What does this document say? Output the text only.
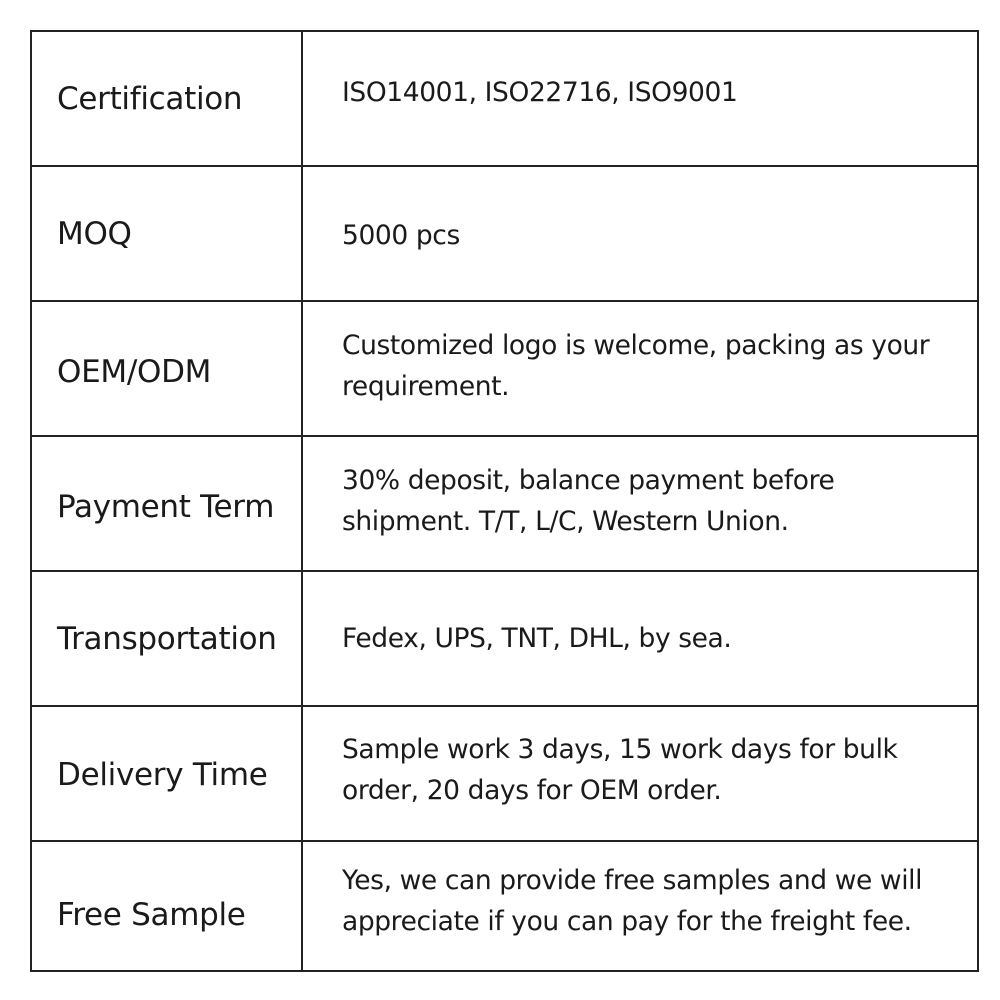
Certification	ISO14001, ISO22716, ISO9001

MOQ	5000 pcs

OEM/ODM	Customized logo is welcome, packing as your requirement.

Payment Term	30% deposit, balance payment before shipment. T/T, L/C, Western Union.

Transportation	Fedex, UPS, TNT, DHL, by sea.

Delivery Time	Sample work 3 days, 15 work days for bulk order, 20 days for OEM order.

Free Sample	Yes, we can provide free samples and we will appreciate if you can pay for the freight fee.
